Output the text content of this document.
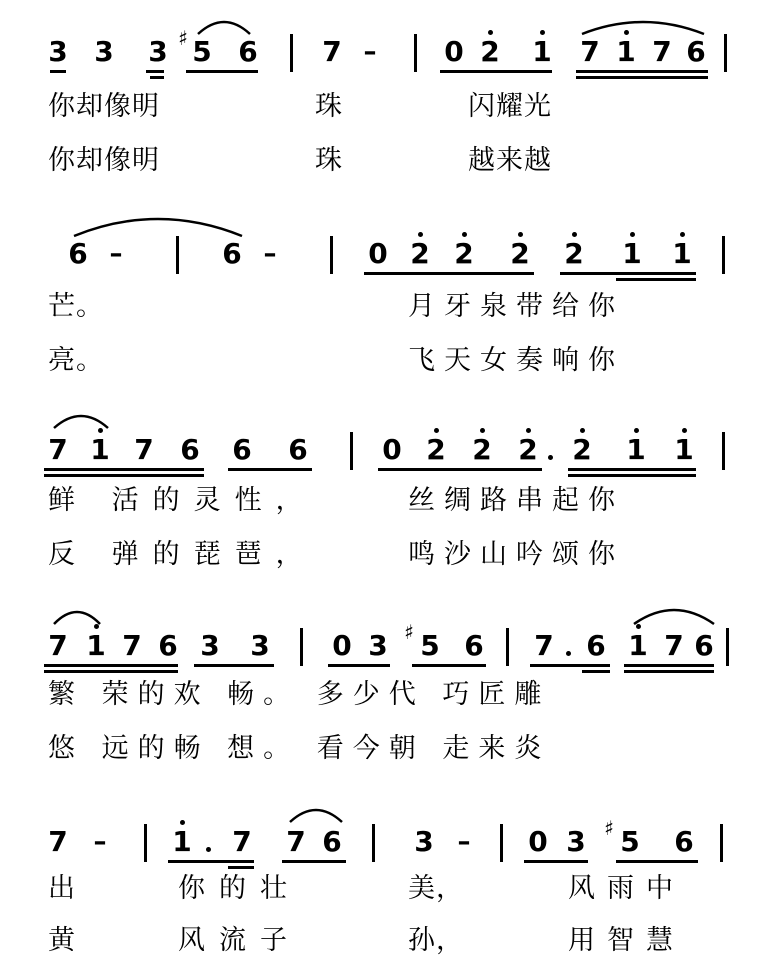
3 3 3 ♯ 5 6 7 – 0 2 1 7 1 7 6
你却像明	珠	闪耀光
你却像明	珠	越来越
6 –	6 –	0 2 2 2 2 1 1
芒。	月牙泉带给你
亮。	飞天女奏响你
7 1 7 6 6 6	0 2 2 2 2 1 1
鲜 活的灵性，	丝绸路串起你
反 弹的琵琶，	鸣沙山吟颂你
7 1 7 6 3 3 0 3 ♯ 5 6 7 6 1 7 6
繁 荣的欢 畅。 多少代 巧匠雕
悠 远的畅 想。 看今朝 走来炎
7 – 1 7 7 6	3 – 0 3 ♯ 5 6
出	你的壮	美，	风雨中
黄	风流子	孙，	用智慧
